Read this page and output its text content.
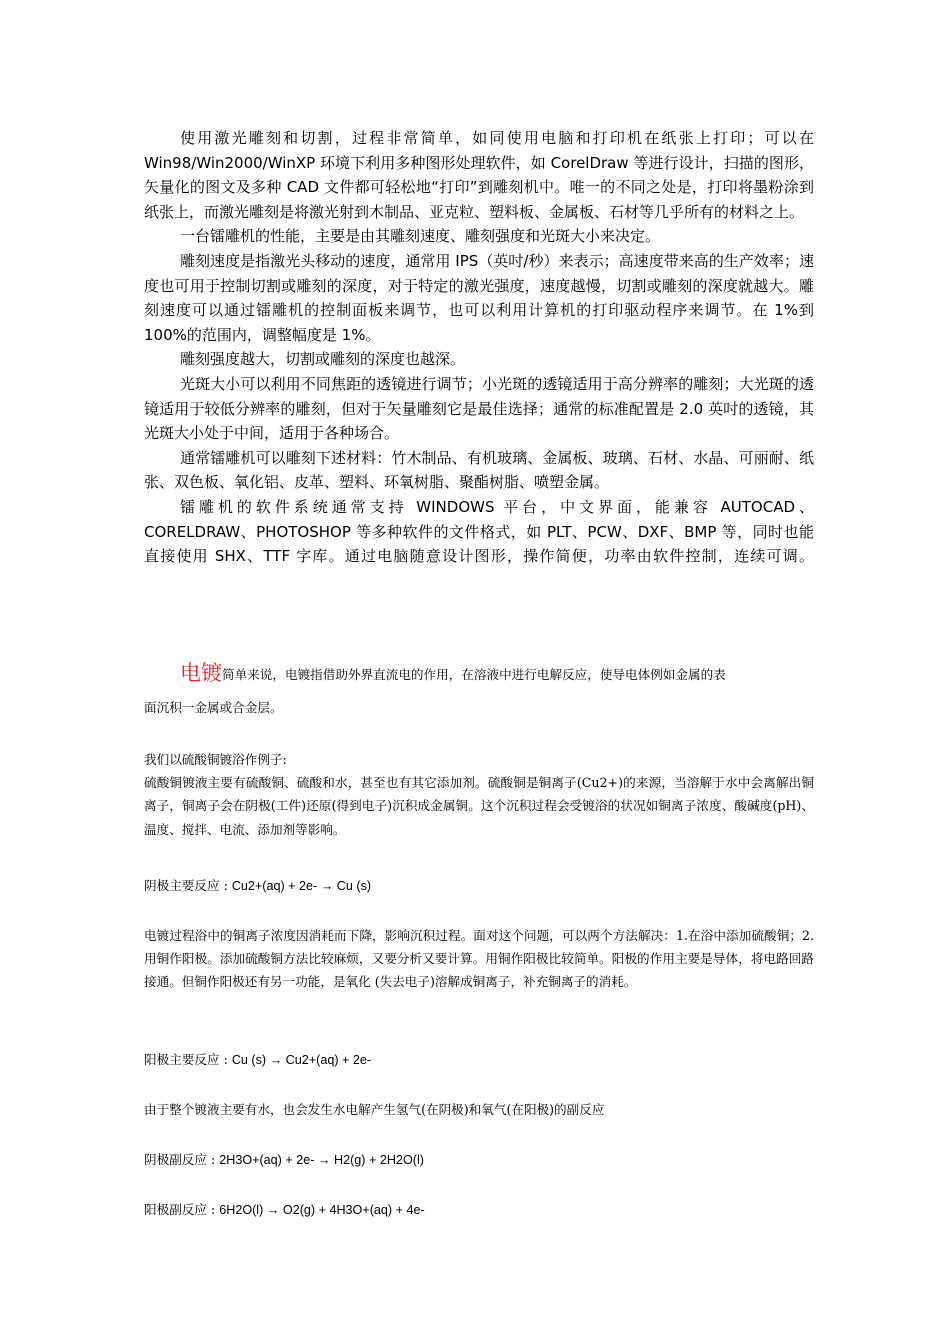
使用激光雕刻和切割，过程非常简单，如同使用电脑和打印机在纸张上打印；可以在Win98/Win2000/WinXP 环境下利用多种图形处理软件，如 CorelDraw 等进行设计，扫描的图形，矢量化的图文及多种 CAD 文件都可轻松地“打印”到雕刻机中。唯一的不同之处是，打印将墨粉涂到纸张上，而激光雕刻是将激光射到木制品、亚克粒、塑料板、金属板、石材等几乎所有的材料之上。

一台镭雕机的性能，主要是由其雕刻速度、雕刻强度和光斑大小来决定。

雕刻速度是指激光头移动的速度，通常用 IPS（英吋/秒）来表示；高速度带来高的生产效率；速度也可用于控制切割或雕刻的深度，对于特定的激光强度，速度越慢，切割或雕刻的深度就越大。雕刻速度可以通过镭雕机的控制面板来调节，也可以利用计算机的打印驱动程序来调节。在 1%到 100%的范围内，调整幅度是 1%。

雕刻强度越大，切割或雕刻的深度也越深。

光斑大小可以利用不同焦距的透镜进行调节；小光斑的透镜适用于高分辨率的雕刻；大光斑的透镜适用于较低分辨率的雕刻，但对于矢量雕刻它是最佳选择；通常的标准配置是 2.0 英吋的透镜，其光斑大小处于中间，适用于各种场合。

通常镭雕机可以雕刻下述材料：竹木制品、有机玻璃、金属板、玻璃、石材、水晶、可丽耐、纸张、双色板、氧化铝、皮革、塑料、环氧树脂、聚酯树脂、喷塑金属。

镭雕机的软件系统通常支持 WINDOWS 平台，中文界面，能兼容 AUTOCAD、CORELDRAW、PHOTOSHOP 等多种软件的文件格式，如 PLT、PCW、DXF、BMP 等，同时也能直接使用 SHX、TTF 字库。通过电脑随意设计图形，操作简便，功率由软件控制，连续可调。

电镀简单来说，电镀指借助外界直流电的作用，在溶液中进行电解反应，使导电体例如金属的表
面沉积一金属或合金层。

我们以硫酸铜镀浴作例子:

硫酸铜镀液主要有硫酸铜、硫酸和水，甚至也有其它添加剂。硫酸铜是铜离子(Cu2+)的来源，当溶解于水中会离解出铜离子，铜离子会在阴极(工件)还原(得到电子)沉积成金属铜。这个沉积过程会受镀浴的状况如铜离子浓度、酸碱度(pH)、温度、搅拌、电流、添加剂等影响。

阴极主要反应 : Cu2+(aq) + 2e- → Cu (s)

电镀过程浴中的铜离子浓度因消耗而下降，影响沉积过程。面对这个问题，可以两个方法解决：1.在浴中添加硫酸铜；2.用铜作阳极。添加硫酸铜方法比较麻烦，又要分析又要计算。用铜作阳极比较简单。阳极的作用主要是导体，将电路回路接通。但铜作阳极还有另一功能，是氧化 (失去电子)溶解成铜离子，补充铜离子的消耗。

阳极主要反应 : Cu (s) → Cu2+(aq) + 2e-

由于整个镀液主要有水，也会发生水电解产生氢气(在阴极)和氧气(在阳极)的副反应

阴极副反应 : 2H3O+(aq) + 2e- → H2(g) + 2H2O(l)

阳极副反应 : 6H2O(l) → O2(g) + 4H3O+(aq) + 4e-
